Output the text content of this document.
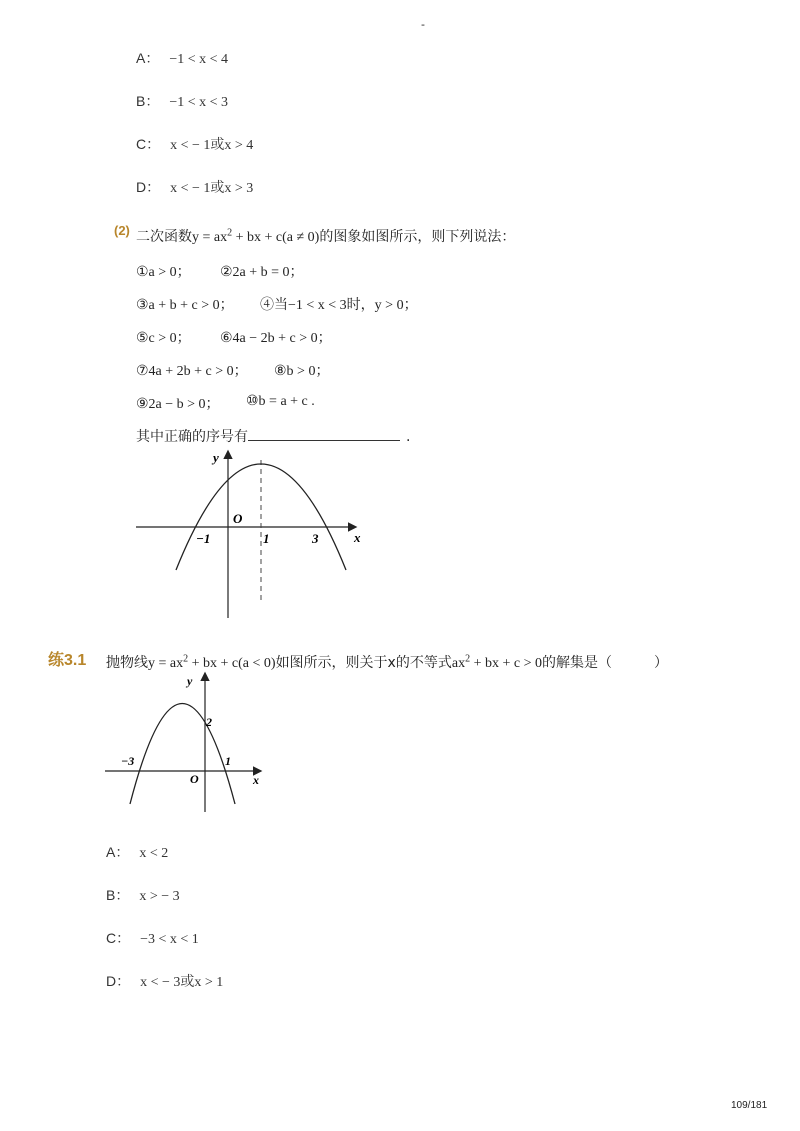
-
A： −1 < x < 4
B： −1 < x < 3
C： x < − 1或x > 4
D： x < − 1或x > 3
(2) 二次函数$y = ax^2$ + bx + c(a ≠ 0)的图象如图所示，则下列说法：
①a > 0； ②2a + b = 0；
③a + b + c > 0； ④当−1 < x < 3时，y > 0；
⑤c > 0； ⑥4a − 2b + c > 0；
⑦4a + 2b + c > 0； ⑧b > 0；
⑨2a − b > 0； ⑩b = a + c .
其中正确的序号有	.
y
x
O
−1	1	3
练3.1 抛物线$y = ax^2$ + bx + c(a < 0)如图所示，则关于x的不等式$ax^2$ + bx + c > 0的解集是（　　　）
y
x
O
−3	1
2
A： x < 2
B： x > − 3
C： −3 < x < 1
D： x < − 3或x > 1
109/181
